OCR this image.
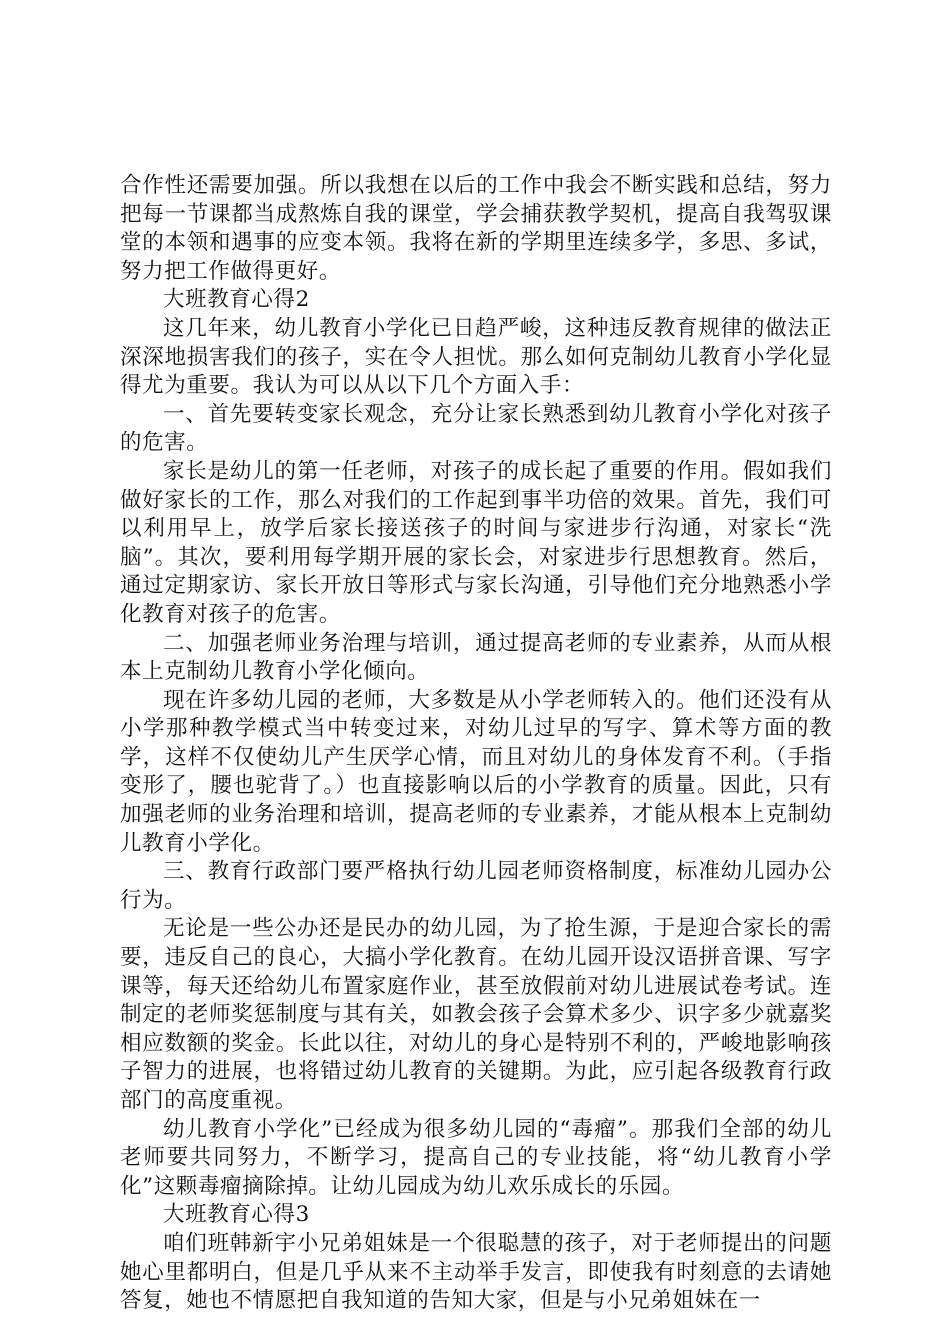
合作性还需要加强。所以我想在以后的工作中我会不断实践和总结，努力把每一节课都当成熬炼自我的课堂，学会捕获教学契机，提高自我驾驭课堂的本领和遇事的应变本领。我将在新的学期里连续多学，多思、多试，努力把工作做得更好。

大班教育心得2

这几年来，幼儿教育小学化已日趋严峻，这种违反教育规律的做法正深深地损害我们的孩子，实在令人担忧。那么如何克制幼儿教育小学化显得尤为重要。我认为可以从以下几个方面入手：

一、首先要转变家长观念，充分让家长熟悉到幼儿教育小学化对孩子的危害。

家长是幼儿的第一任老师，对孩子的成长起了重要的作用。假如我们做好家长的工作，那么对我们的工作起到事半功倍的效果。首先，我们可以利用早上，放学后家长接送孩子的时间与家进步行沟通，对家长“洗脑”。其次，要利用每学期开展的家长会，对家进步行思想教育。然后，通过定期家访、家长开放日等形式与家长沟通，引导他们充分地熟悉小学化教育对孩子的危害。

二、加强老师业务治理与培训，通过提高老师的专业素养，从而从根本上克制幼儿教育小学化倾向。

现在许多幼儿园的老师，大多数是从小学老师转入的。他们还没有从小学那种教学模式当中转变过来，对幼儿过早的写字、算术等方面的教学，这样不仅使幼儿产生厌学心情，而且对幼儿的身体发育不利。（手指变形了，腰也驼背了。）也直接影响以后的小学教育的质量。因此，只有加强老师的业务治理和培训，提高老师的专业素养，才能从根本上克制幼儿教育小学化。

三、教育行政部门要严格执行幼儿园老师资格制度，标准幼儿园办公行为。

无论是一些公办还是民办的幼儿园，为了抢生源，于是迎合家长的需要，违反自己的良心，大搞小学化教育。在幼儿园开设汉语拼音课、写字课等，每天还给幼儿布置家庭作业，甚至放假前对幼儿进展试卷考试。连制定的老师奖惩制度与其有关，如教会孩子会算术多少、识字多少就嘉奖相应数额的奖金。长此以往，对幼儿的身心是特别不利的，严峻地影响孩子智力的进展，也将错过幼儿教育的关键期。为此，应引起各级教育行政部门的高度重视。

幼儿教育小学化”已经成为很多幼儿园的“毒瘤”。那我们全部的幼儿老师要共同努力，不断学习，提高自己的专业技能，将“幼儿教育小学化”这颗毒瘤摘除掉。让幼儿园成为幼儿欢乐成长的乐园。

大班教育心得3

咱们班韩新宇小兄弟姐妹是一个很聪慧的孩子，对于老师提出的问题她心里都明白，但是几乎从来不主动举手发言，即使我有时刻意的去请她答复，她也不情愿把自我知道的告知大家，但是与小兄弟姐妹在一
